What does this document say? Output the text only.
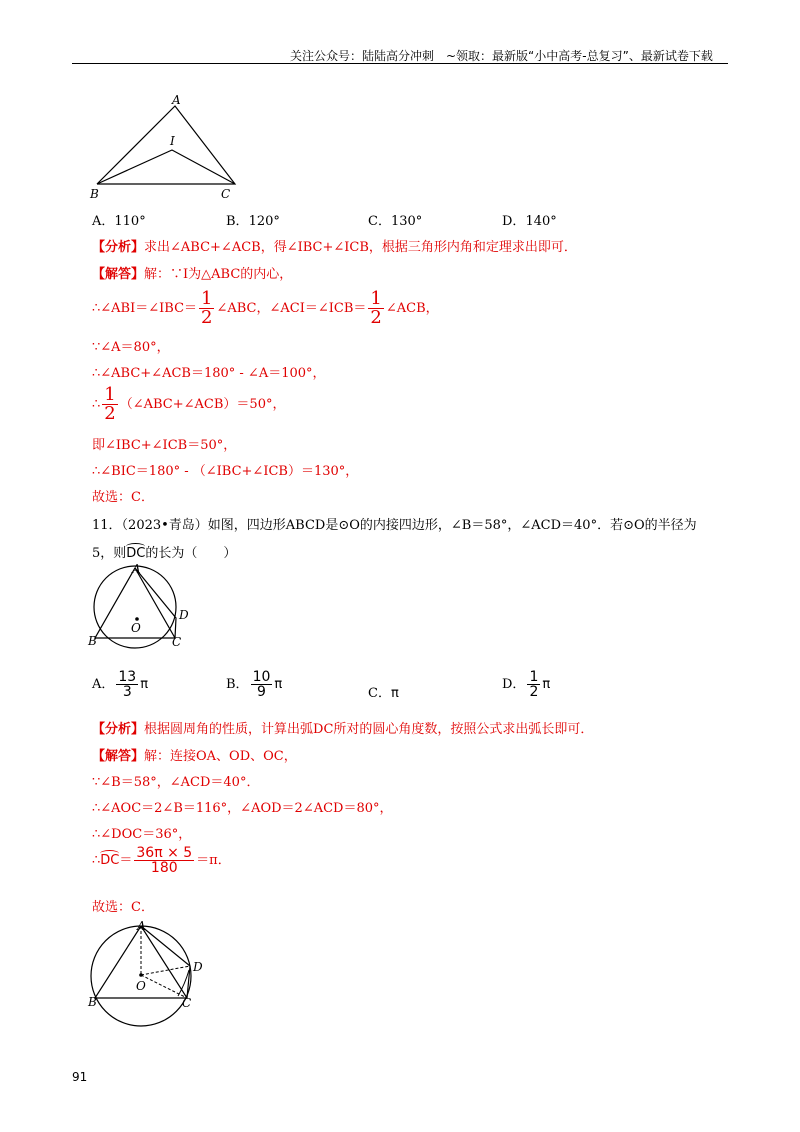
关注公众号：陆陆高分冲刺　~领取：最新版“小中高考-总复习”、最新试卷下载
A
I
B	C
A．110°	B．120°	C．130°	D．140°
【分析】求出∠ABC+∠ACB，得∠IBC+∠ICB，根据三角形内角和定理求出即可．
【解答】解：∵I为△ABC的内心，
∴∠ABI＝∠IBC＝ $\frac{1}{2}$ ∠ABC，∠ACI＝∠ICB＝ $\frac{1}{2}$ ∠ACB，
∵∠A＝80°，
∴∠ABC+∠ACB＝180° - ∠A＝100°，
∴ $\frac{1}{2}$ （∠ABC+∠ACB）＝50°，
即∠IBC+∠ICB＝50°，
∴∠BIC＝180° - （∠IBC+∠ICB）＝130°，
故选：C．
11．（2023•青岛）如图，四边形ABCD是⊙O的内接四边形，∠B＝58°，∠ACD＝40°．若⊙O的半径为
5，则DC的长为（　　）
A
B	C
D
O
A． $\frac{13}{3}$ π	B． $\frac{10}{9}$ π
C．π
D． $\frac{1}{2}$ π
【分析】根据圆周角的性质，计算出弧DC所对的圆心角度数，按照公式求出弧长即可．
【解答】解：连接OA、OD、OC，
∵∠B＝58°，∠ACD＝40°．
∴∠AOC＝2∠B＝116°，∠AOD＝2∠ACD＝80°，
∴∠DOC＝36°，
∴DC＝ $\frac{36\pi \times 5}{180} =\pi$．
故选：C．
A
B	C
D
O
91
